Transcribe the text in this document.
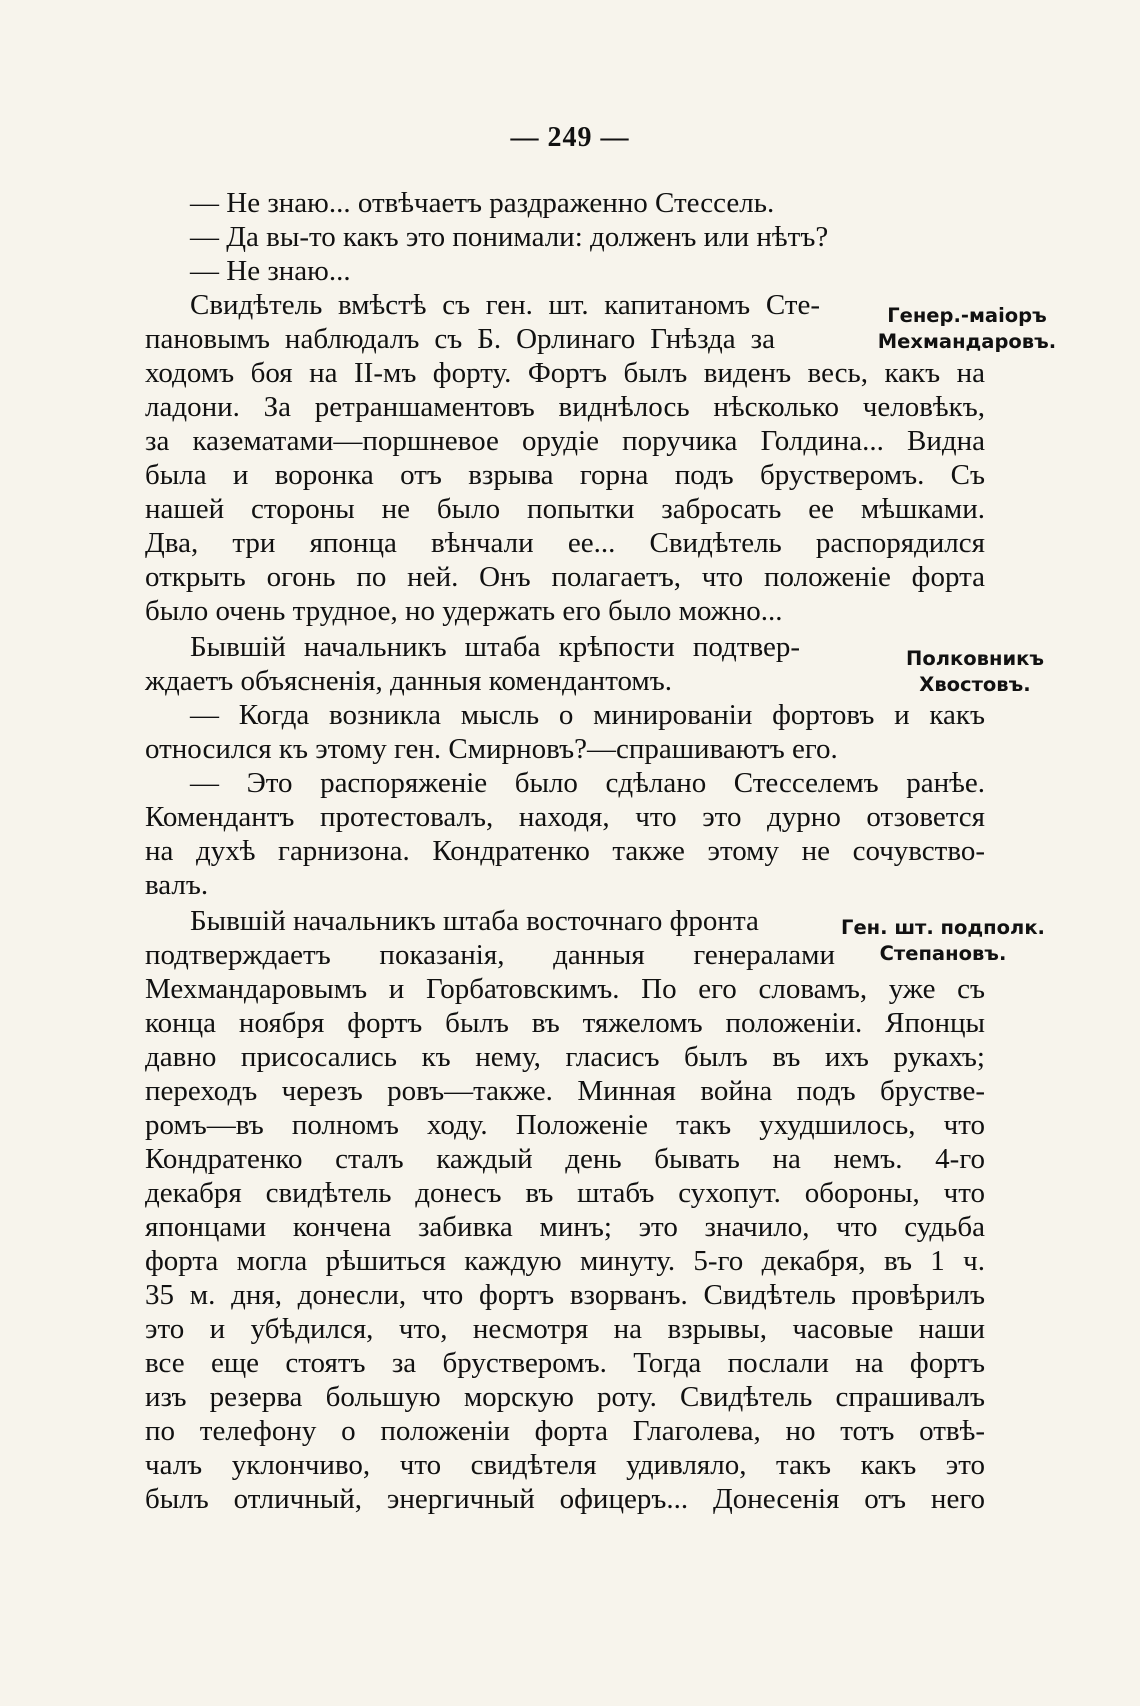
— 249 —
— Не знаю... отвѣчаетъ раздраженно Стессель.
— Да вы-то какъ это понимали: долженъ или нѣтъ?
— Не знаю...
Свидѣтель вмѣстѣ съ ген. шт. капитаномъ Сте-
пановымъ наблюдалъ съ Б. Орлинаго Гнѣзда за
ходомъ боя на II-мъ форту. Фортъ былъ виденъ весь, какъ на
ладони. За ретраншаментовъ виднѣлось нѣсколько человѣкъ,
за казематами—поршневое орудіе поручика Голдина... Видна
была и воронка отъ взрыва горна подъ брустверомъ. Съ
нашей стороны не было попытки забросать ее мѣшками.
Два, три японца вѣнчали ее... Свидѣтель распорядился
открыть огонь по ней. Онъ полагаетъ, что положеніе форта
было очень трудное, но удержать его было можно...
Бывшій начальникъ штаба крѣпости подтвер-
ждаетъ объясненія, данныя комендантомъ.
— Когда возникла мысль о минированіи фортовъ и какъ
относился къ этому ген. Смирновъ?—спрашиваютъ его.
— Это распоряженіе было сдѣлано Стесселемъ ранѣе.
Комендантъ протестовалъ, находя, что это дурно отзовется
на духѣ гарнизона. Кондратенко также этому не сочувство-
валъ.
Бывшій начальникъ штаба восточнаго фронта
подтверждаетъ показанія, данныя генералами
Мехмандаровымъ и Горбатовскимъ. По его словамъ, уже съ
конца ноября фортъ былъ въ тяжеломъ положеніи. Японцы
давно присосались къ нему, гласисъ былъ въ ихъ рукахъ;
переходъ черезъ ровъ—также. Минная война подъ брустве-
ромъ—въ полномъ ходу. Положеніе такъ ухудшилось, что
Кондратенко сталъ каждый день бывать на немъ. 4-го
декабря свидѣтель донесъ въ штабъ сухопут. обороны, что
японцами кончена забивка минъ; это значило, что судьба
форта могла рѣшиться каждую минуту. 5-го декабря, въ 1 ч.
35 м. дня, донесли, что фортъ взорванъ. Свидѣтель провѣрилъ
это и убѣдился, что, несмотря на взрывы, часовые наши
все еще стоятъ за брустверомъ. Тогда послали на фортъ
изъ резерва большую морскую роту. Свидѣтель спрашивалъ
по телефону о положеніи форта Глаголева, но тотъ отвѣ-
чалъ уклончиво, что свидѣтеля удивляло, такъ какъ это
былъ отличный, энергичный офицеръ... Донесенія отъ него
Генер.-маіоръ
Мехмандаровъ.
Полковникъ
Хвостовъ.
Ген. шт. подполк.
Степановъ.
